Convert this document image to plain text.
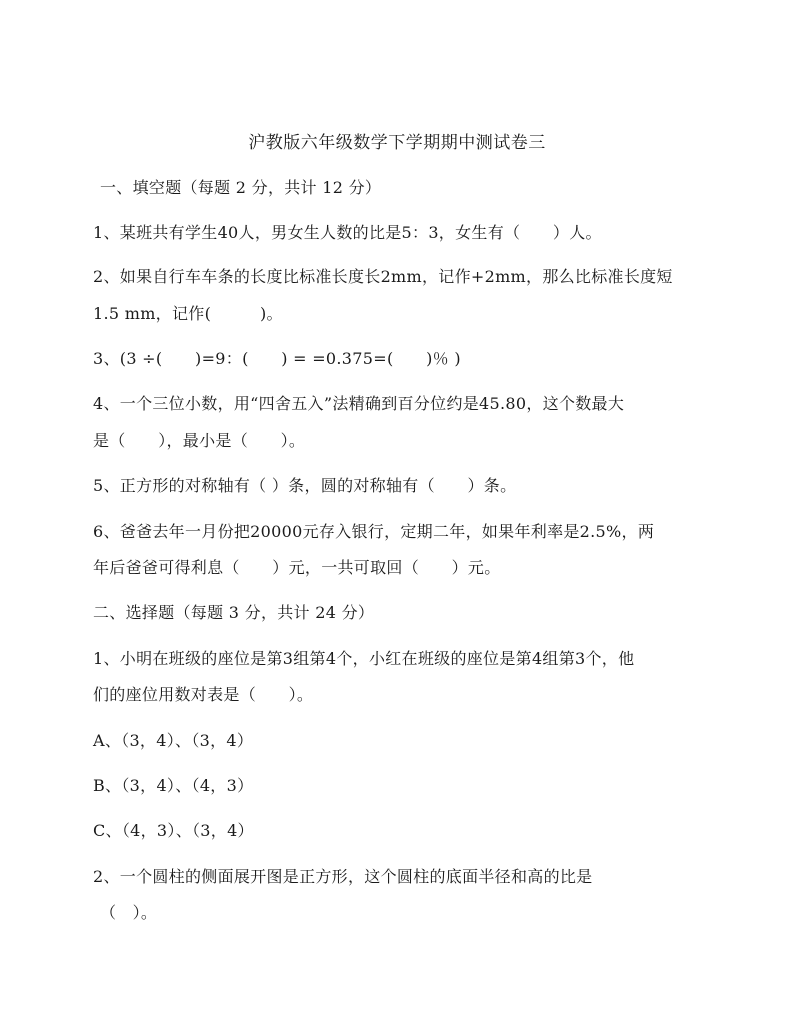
沪教版六年级数学下学期期中测试卷三
一、填空题（每题 2 分，共计 12 分）
1、某班共有学生40人，男女生人数的比是5：3，女生有（　　）人。
2、如果自行车车条的长度比标准长度长2mm，记作+2mm，那么比标准长度短
1.5 mm，记作(　　　)。
3、(3 ÷(　　)=9：(　　) = =0.375=(　　)％ )
4、一个三位小数，用“四舍五入”法精确到百分位约是45.80，这个数最大
是（　　），最小是（　　）。
5、正方形的对称轴有（ ）条，圆的对称轴有（　　）条。
6、爸爸去年一月份把20000元存入银行，定期二年，如果年利率是2.5%，两
年后爸爸可得利息（　　）元，一共可取回（　　）元。
二、选择题（每题 3 分，共计 24 分）
1、小明在班级的座位是第3组第4个，小红在班级的座位是第4组第3个，他
们的座位用数对表是（　　）。
A、（3，4）、（3，4）
B、（3，4）、（4，3）
C、（4，3）、（3，4）
2、一个圆柱的侧面展开图是正方形，这个圆柱的底面半径和高的比是
（　）。
